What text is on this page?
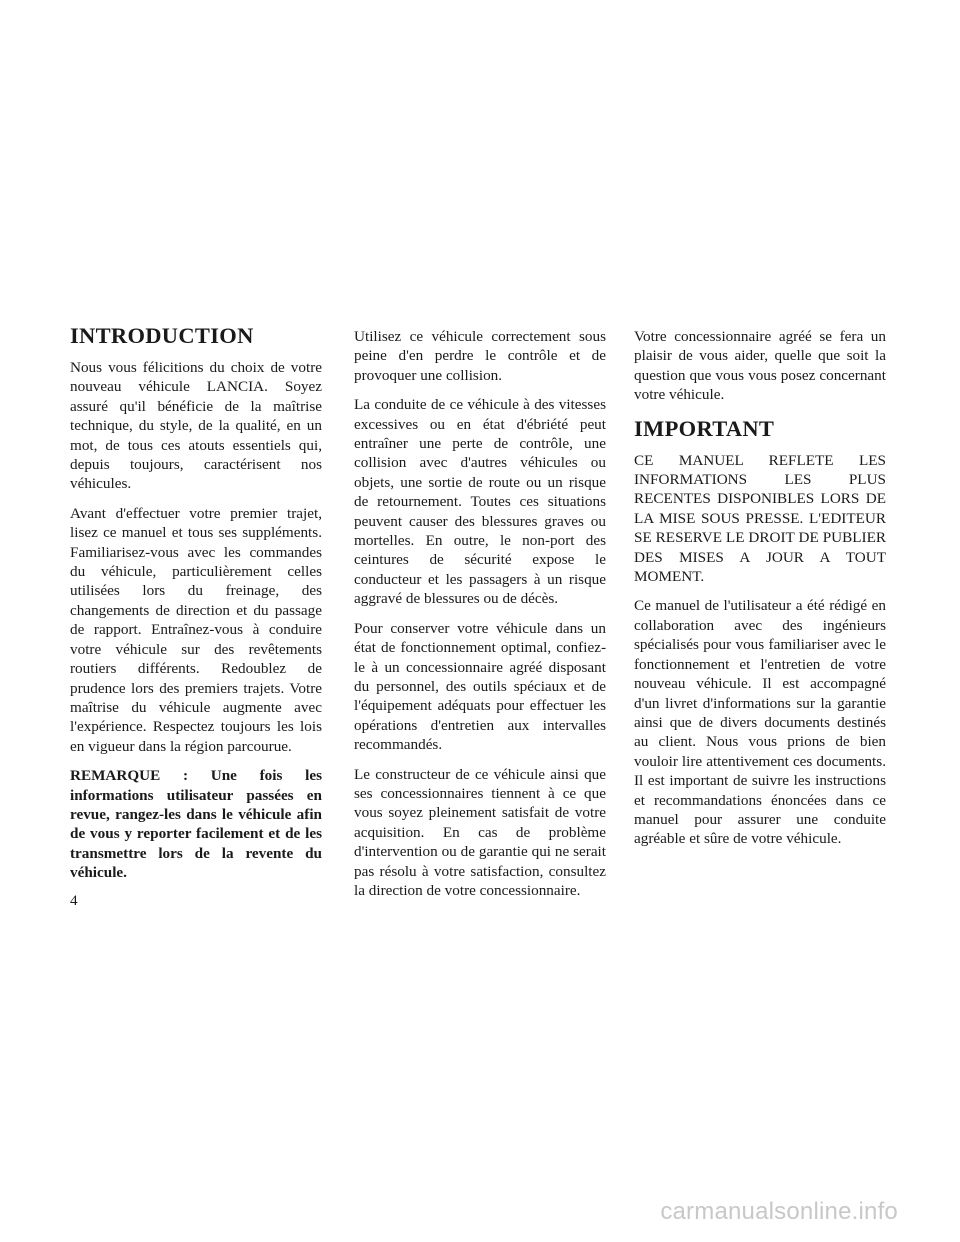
INTRODUCTION

Nous vous félicitions du choix de votre nouveau véhicule LANCIA. Soyez assuré qu'il bénéficie de la maîtrise technique, du style, de la qualité, en un mot, de tous ces atouts essentiels qui, depuis toujours, caractérisent nos véhicules.

Avant d'effectuer votre premier trajet, lisez ce manuel et tous ses suppléments. Familiarisez-vous avec les commandes du véhicule, particulièrement celles utilisées lors du freinage, des changements de direction et du passage de rapport. Entraînez-vous à conduire votre véhicule sur des revêtements routiers différents. Redoublez de prudence lors des premiers trajets. Votre maîtrise du véhicule augmente avec l'expérience. Respectez toujours les lois en vigueur dans la région parcourue.

REMARQUE : Une fois les informations utilisateur passées en revue, rangez-les dans le véhicule afin de vous y reporter facilement et de les transmettre lors de la revente du véhicule.

Utilisez ce véhicule correctement sous peine d'en perdre le contrôle et de provoquer une collision.

La conduite de ce véhicule à des vitesses excessives ou en état d'ébriété peut entraîner une perte de contrôle, une collision avec d'autres véhicules ou objets, une sortie de route ou un risque de retournement. Toutes ces situations peuvent causer des blessures graves ou mortelles. En outre, le non-port des ceintures de sécurité expose le conducteur et les passagers à un risque aggravé de blessures ou de décès.

Pour conserver votre véhicule dans un état de fonctionnement optimal, confiez-le à un concessionnaire agréé disposant du personnel, des outils spéciaux et de l'équipement adéquats pour effectuer les opérations d'entretien aux intervalles recommandés.

Le constructeur de ce véhicule ainsi que ses concessionnaires tiennent à ce que vous soyez pleinement satisfait de votre acquisition. En cas de problème d'intervention ou de garantie qui ne serait pas résolu à votre satisfaction, consultez la direction de votre concessionnaire.

Votre concessionnaire agréé se fera un plaisir de vous aider, quelle que soit la question que vous vous posez concernant votre véhicule.

IMPORTANT

CE MANUEL REFLETE LES INFORMATIONS LES PLUS RECENTES DISPONIBLES LORS DE LA MISE SOUS PRESSE. L'EDITEUR SE RESERVE LE DROIT DE PUBLIER DES MISES A JOUR A TOUT MOMENT.

Ce manuel de l'utilisateur a été rédigé en collaboration avec des ingénieurs spécialisés pour vous familiariser avec le fonctionnement et l'entretien de votre nouveau véhicule. Il est accompagné d'un livret d'informations sur la garantie ainsi que de divers documents destinés au client. Nous vous prions de bien vouloir lire attentivement ces documents. Il est important de suivre les instructions et recommandations énoncées dans ce manuel pour assurer une conduite agréable et sûre de votre véhicule.

4
carmanualsonline.info
